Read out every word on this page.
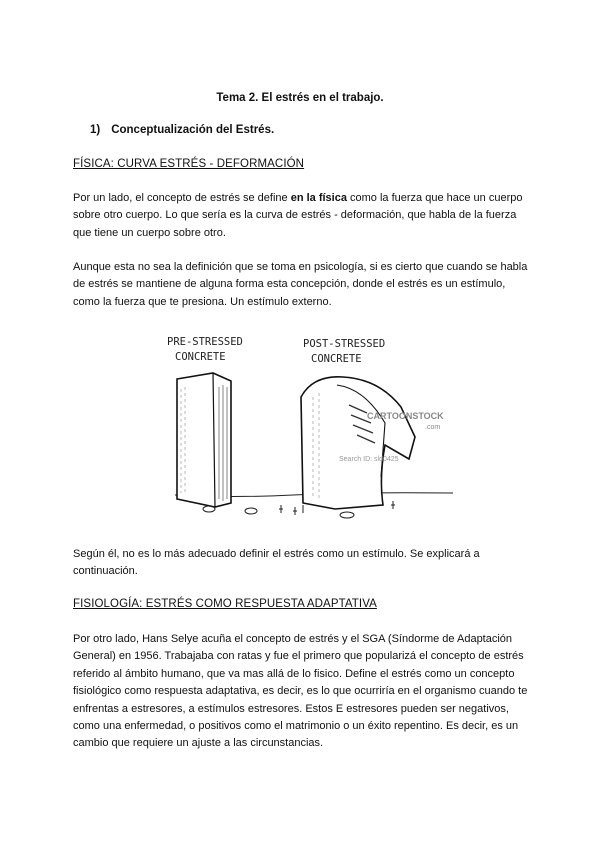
Tema 2. El estrés en el trabajo.
1) Conceptualización del Estrés.
FÍSICA: CURVA ESTRÉS - DEFORMACIÓN

Por un lado, el concepto de estrés se define en la física como la fuerza que hace un cuerpo sobre otro cuerpo. Lo que sería es la curva de estrés - deformación, que habla de la fuerza que tiene un cuerpo sobre otro.

Aunque esta no sea la definición que se toma en psicología, si es cierto que cuando se habla de estrés se mantiene de alguna forma esta concepción, donde el estrés es un estímulo, como la fuerza que te presiona. Un estímulo externo.

PRE-STRESSED
CONCRETE
POST-STRESSED
CONCRETE
CARTOONSTOCK
.com
Search ID: sld0425

Según él, no es lo más adecuado definir el estrés como un estímulo. Se explicará a continuación.

FISIOLOGÍA: ESTRÉS COMO RESPUESTA ADAPTATIVA

Por otro lado, Hans Selye acuña el concepto de estrés y el SGA (Síndorme de Adaptación General) en 1956. Trabajaba con ratas y fue el primero que popularizá el concepto de estrés referido al ámbito humano, que va mas allá de lo fisico. Define el estrés como un concepto fisiológico como respuesta adaptativa, es decir, es lo que ocurriría en el organismo cuando te enfrentas a estresores, a estímulos estresores. Estos E estresores pueden ser negativos, como una enfermedad, o positivos como el matrimonio o un éxito repentino. Es decir, es un cambio que requiere un ajuste a las circunstancias.
